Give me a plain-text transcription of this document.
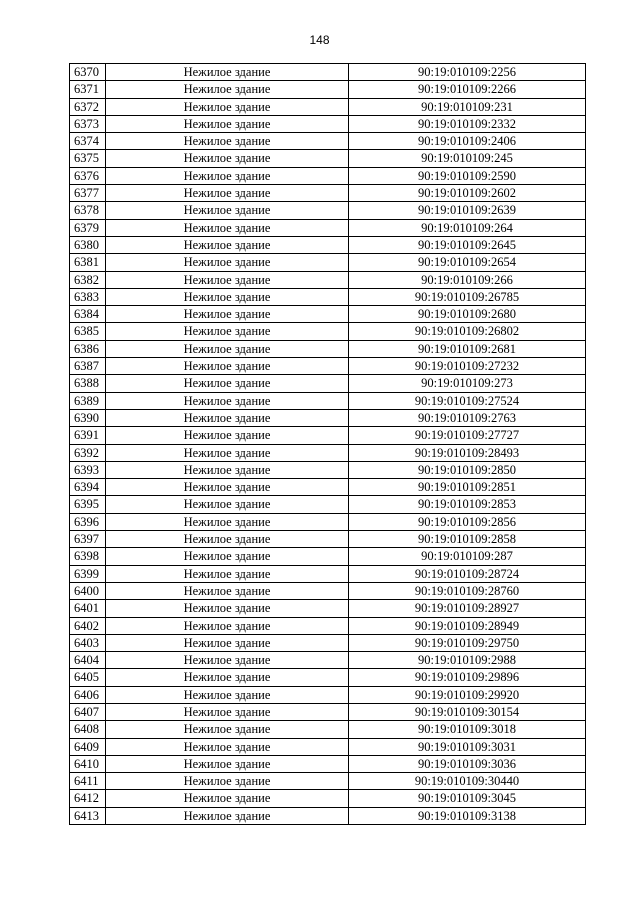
148
6370	Нежилое здание	90:19:010109:2256
6371	Нежилое здание	90:19:010109:2266
6372	Нежилое здание	90:19:010109:231
6373	Нежилое здание	90:19:010109:2332
6374	Нежилое здание	90:19:010109:2406
6375	Нежилое здание	90:19:010109:245
6376	Нежилое здание	90:19:010109:2590
6377	Нежилое здание	90:19:010109:2602
6378	Нежилое здание	90:19:010109:2639
6379	Нежилое здание	90:19:010109:264
6380	Нежилое здание	90:19:010109:2645
6381	Нежилое здание	90:19:010109:2654
6382	Нежилое здание	90:19:010109:266
6383	Нежилое здание	90:19:010109:26785
6384	Нежилое здание	90:19:010109:2680
6385	Нежилое здание	90:19:010109:26802
6386	Нежилое здание	90:19:010109:2681
6387	Нежилое здание	90:19:010109:27232
6388	Нежилое здание	90:19:010109:273
6389	Нежилое здание	90:19:010109:27524
6390	Нежилое здание	90:19:010109:2763
6391	Нежилое здание	90:19:010109:27727
6392	Нежилое здание	90:19:010109:28493
6393	Нежилое здание	90:19:010109:2850
6394	Нежилое здание	90:19:010109:2851
6395	Нежилое здание	90:19:010109:2853
6396	Нежилое здание	90:19:010109:2856
6397	Нежилое здание	90:19:010109:2858
6398	Нежилое здание	90:19:010109:287
6399	Нежилое здание	90:19:010109:28724
6400	Нежилое здание	90:19:010109:28760
6401	Нежилое здание	90:19:010109:28927
6402	Нежилое здание	90:19:010109:28949
6403	Нежилое здание	90:19:010109:29750
6404	Нежилое здание	90:19:010109:2988
6405	Нежилое здание	90:19:010109:29896
6406	Нежилое здание	90:19:010109:29920
6407	Нежилое здание	90:19:010109:30154
6408	Нежилое здание	90:19:010109:3018
6409	Нежилое здание	90:19:010109:3031
6410	Нежилое здание	90:19:010109:3036
6411	Нежилое здание	90:19:010109:30440
6412	Нежилое здание	90:19:010109:3045
6413	Нежилое здание	90:19:010109:3138
